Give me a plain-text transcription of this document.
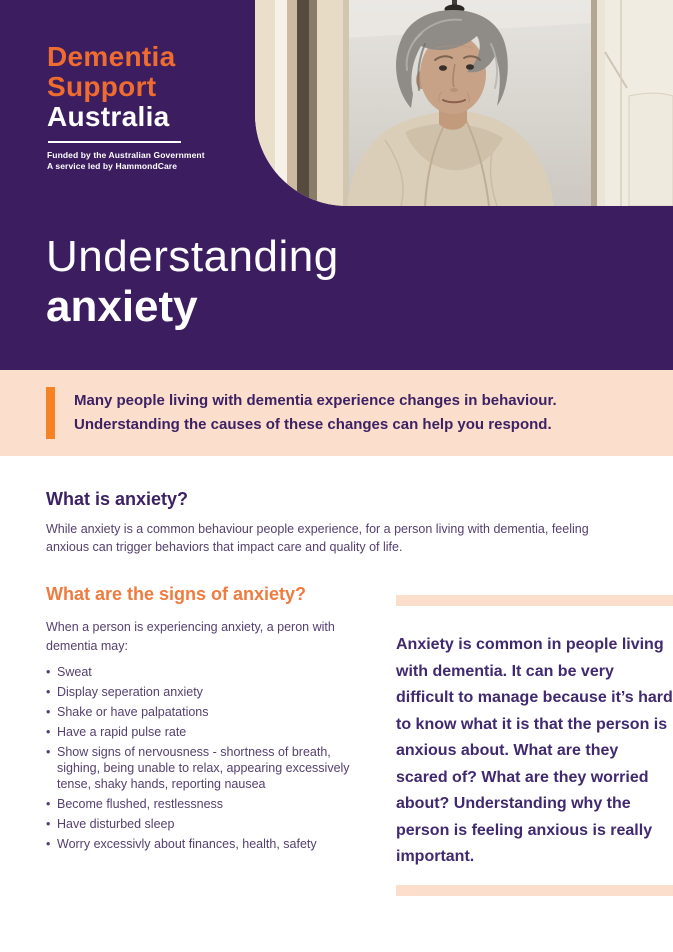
Dementia
Support
Australia
Funded by the Australian Government
A service led by HammondCare
Understanding
anxiety

Many people living with dementia experience changes in behaviour.
Understanding the causes of these changes can help you respond.

What is anxiety?

While anxiety is a common behaviour people experience, for a person living with dementia, feeling anxious can trigger behaviors that impact care and quality of life.

What are the signs of anxiety?

When a person is experiencing anxiety, a peron with dementia may:

• Sweat
• Display seperation anxiety
• Shake or have palpatations
• Have a rapid pulse rate
• Show signs of nervousness - shortness of breath, sighing, being unable to relax, appearing excessively tense, shaky hands, reporting nausea
• Become flushed, restlessness
• Have disturbed sleep
• Worry excessivly about finances, health, safety

Anxiety is common in people living with dementia. It can be very difficult to manage because it’s hard to know what it is that the person is anxious about. What are they scared of? What are they worried about? Understanding why the person is feeling anxious is really important.
